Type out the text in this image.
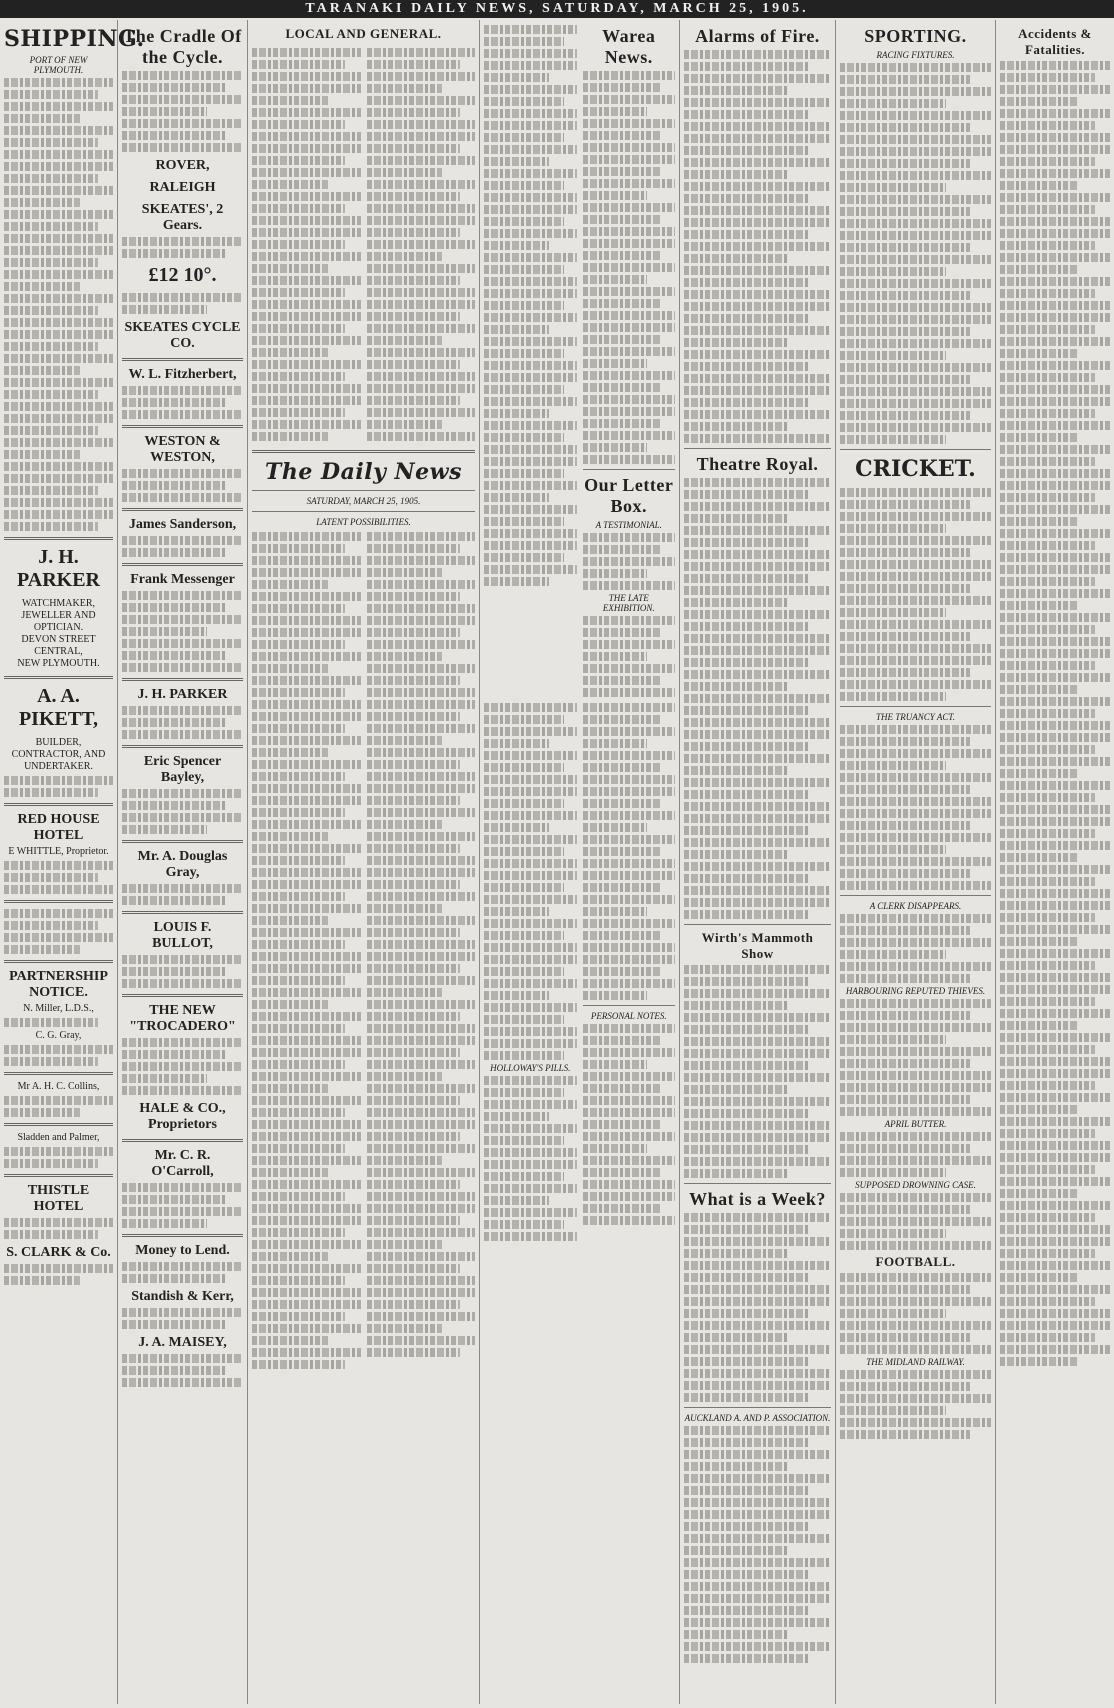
TARANAKI DAILY NEWS, SATURDAY, MARCH 25, 1905.
SHIPPING.
PORT OF NEW PLYMOUTH.
J. H. PARKER
WATCHMAKER, JEWELLER AND OPTICIAN.
DEVON STREET CENTRAL,
NEW PLYMOUTH.
A. A. PIKETT,
BUILDER, CONTRACTOR, AND UNDERTAKER.
RED HOUSE HOTEL
E WHITTLE, Proprietor.
PARTNERSHIP NOTICE.
N. Miller, L.D.S.,
C. G. Gray,
Mr A. H. C. Collins,
Sladden and Palmer,
THISTLE HOTEL
S. CLARK & Co.
The Cradle Of the Cycle.
ROVER,
RALEIGH
SKEATES', 2 Gears.
£12 10°.
SKEATES CYCLE CO.
W. L. Fitzherbert,
WESTON & WESTON,
James Sanderson,
Frank Messenger
J. H. PARKER
Eric Spencer Bayley,
Mr. A. Douglas Gray,
LOUIS F. BULLOT,
THE NEW "TROCADERO"
HALE & CO., Proprietors
Mr. C. R. O'Carroll,
Money to Lend.
Standish & Kerr,
J. A. MAISEY,
LOCAL AND GENERAL.
The Daily News
SATURDAY, MARCH 25, 1905.
LATENT POSSIBILITIES.
Warea News.
Our Letter Box.
A TESTIMONIAL.
THE LATE EXHIBITION.
HOLLOWAY'S PILLS.
PERSONAL NOTES.
Alarms of Fire.
Theatre Royal.
Wirth's Mammoth Show
What is a Week?
AUCKLAND A. AND P. ASSOCIATION.
SPORTING.
RACING FIXTURES.
CRICKET.
THE TRUANCY ACT.
A CLERK DISAPPEARS.
HARBOURING REPUTED THIEVES.
APRIL BUTTER.
SUPPOSED DROWNING CASE.
FOOTBALL.
THE MIDLAND RAILWAY.
Accidents & Fatalities.
